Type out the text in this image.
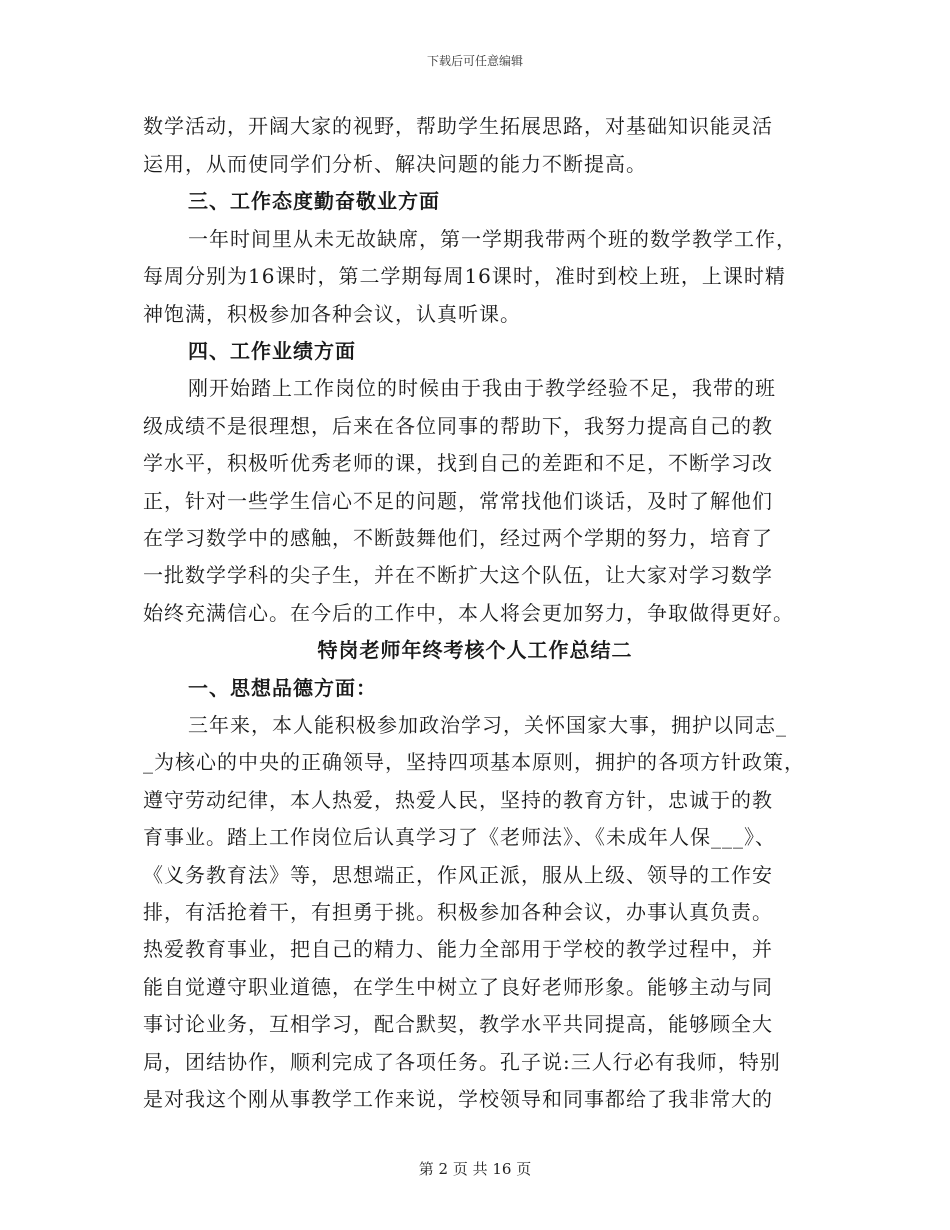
下载后可任意编辑
数学活动，开阔大家的视野，帮助学生拓展思路，对基础知识能灵活
运用，从而使同学们分析、解决问题的能力不断提高。
三、工作态度勤奋敬业方面
一年时间里从未无故缺席，第一学期我带两个班的数学教学工作，
每周分别为16课时，第二学期每周16课时，准时到校上班，上课时精
神饱满，积极参加各种会议，认真听课。
四、工作业绩方面
刚开始踏上工作岗位的时候由于我由于教学经验不足，我带的班
级成绩不是很理想，后来在各位同事的帮助下，我努力提高自己的教
学水平，积极听优秀老师的课，找到自己的差距和不足，不断学习改
正，针对一些学生信心不足的问题，常常找他们谈话，及时了解他们
在学习数学中的感触，不断鼓舞他们，经过两个学期的努力，培育了
一批数学学科的尖子生，并在不断扩大这个队伍，让大家对学习数学
始终充满信心。在今后的工作中，本人将会更加努力，争取做得更好。
特岗老师年终考核个人工作总结二
一、思想品德方面：
三年来，本人能积极参加政治学习，关怀国家大事，拥护以同志_
_为核心的中央的正确领导，坚持四项基本原则，拥护的各项方针政策，
遵守劳动纪律，本人热爱，热爱人民，坚持的教育方针，忠诚于的教
育事业。踏上工作岗位后认真学习了《老师法》、《未成年人保___》、
《义务教育法》等，思想端正，作风正派，服从上级、领导的工作安
排，有活抢着干，有担勇于挑。积极参加各种会议，办事认真负责。
热爱教育事业，把自己的精力、能力全部用于学校的教学过程中，并
能自觉遵守职业道德，在学生中树立了良好老师形象。能够主动与同
事讨论业务，互相学习，配合默契，教学水平共同提高，能够顾全大
局，团结协作，顺利完成了各项任务。孔子说:三人行必有我师，特别
是对我这个刚从事教学工作来说，学校领导和同事都给了我非常大的
第 2 页 共 16 页
